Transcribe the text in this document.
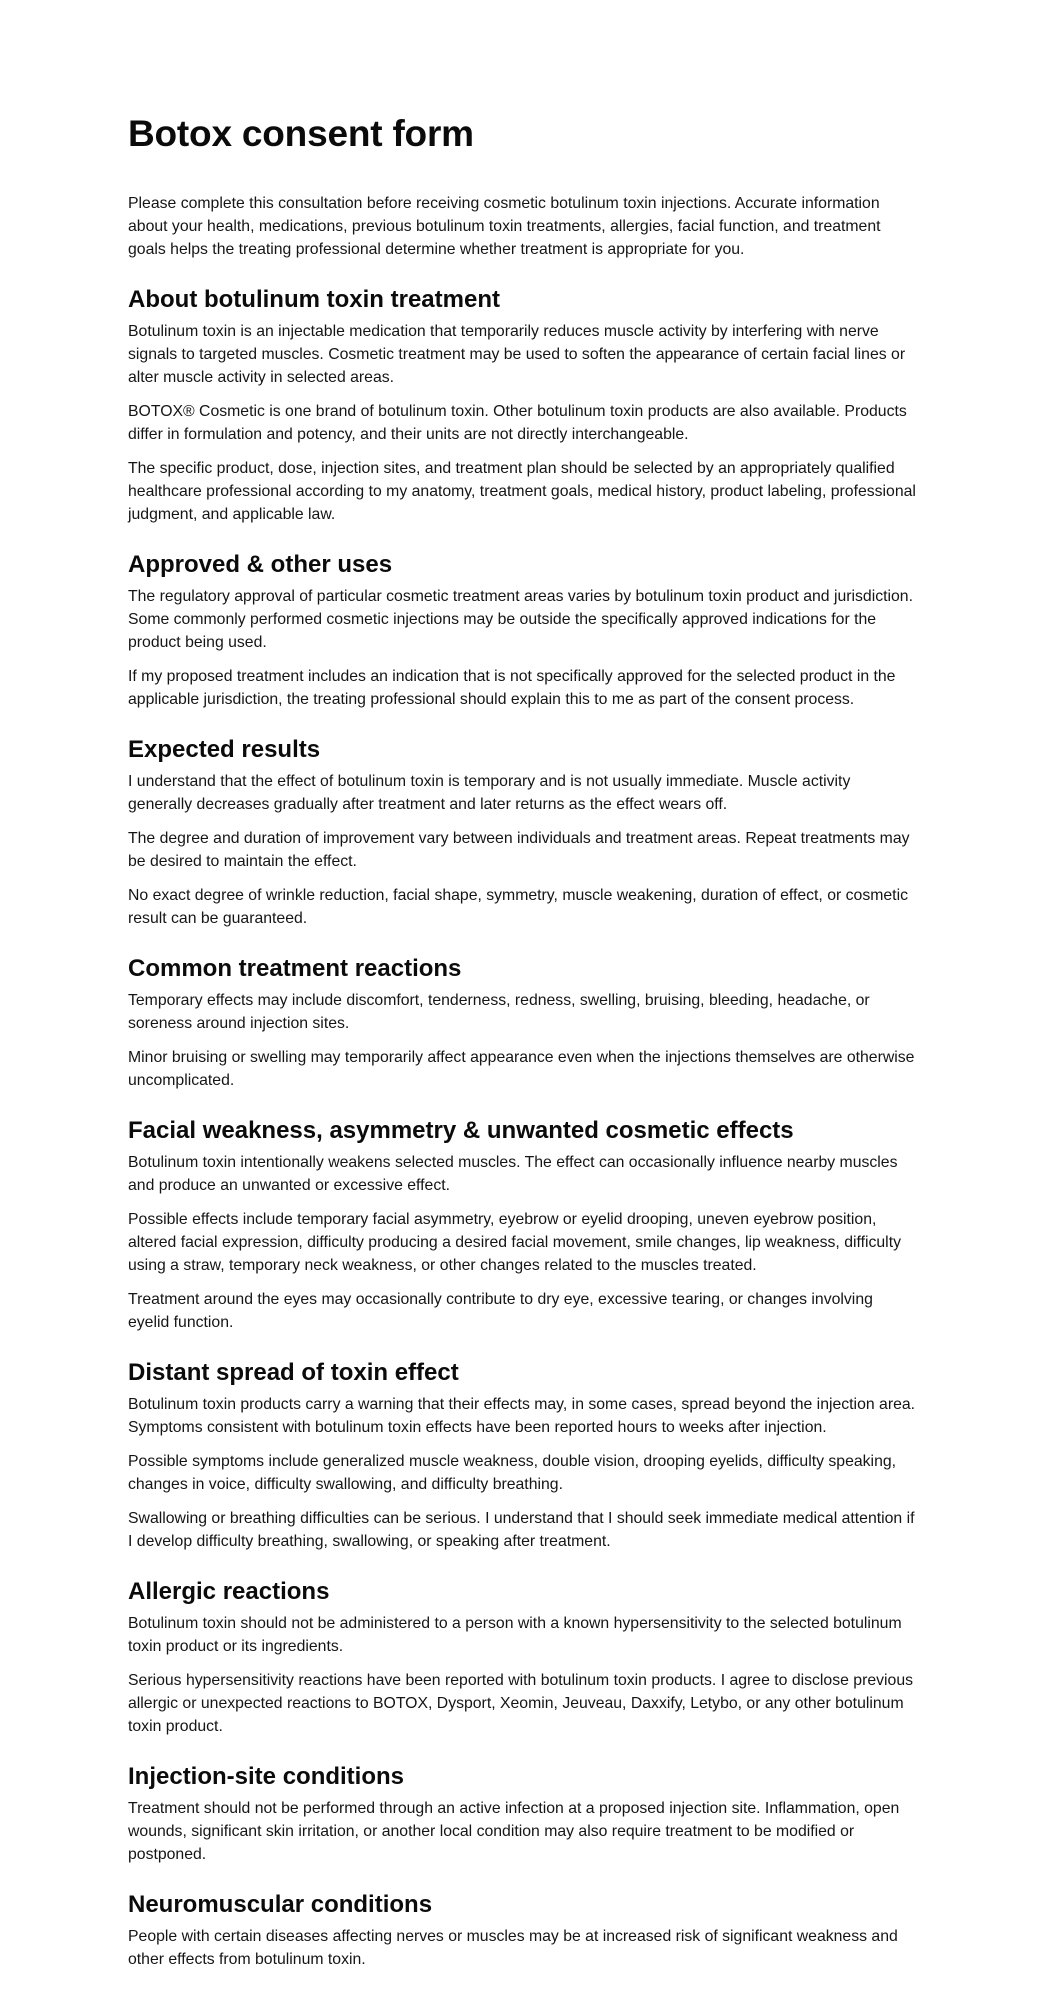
Botox consent form

Please complete this consultation before receiving cosmetic botulinum toxin injections. Accurate information about your health, medications, previous botulinum toxin treatments, allergies, facial function, and treatment goals helps the treating professional determine whether treatment is appropriate for you.

About botulinum toxin treatment

Botulinum toxin is an injectable medication that temporarily reduces muscle activity by interfering with nerve signals to targeted muscles. Cosmetic treatment may be used to soften the appearance of certain facial lines or alter muscle activity in selected areas.

BOTOX® Cosmetic is one brand of botulinum toxin. Other botulinum toxin products are also available. Products differ in formulation and potency, and their units are not directly interchangeable.

The specific product, dose, injection sites, and treatment plan should be selected by an appropriately qualified healthcare professional according to my anatomy, treatment goals, medical history, product labeling, professional judgment, and applicable law.

Approved & other uses

The regulatory approval of particular cosmetic treatment areas varies by botulinum toxin product and jurisdiction. Some commonly performed cosmetic injections may be outside the specifically approved indications for the product being used.

If my proposed treatment includes an indication that is not specifically approved for the selected product in the applicable jurisdiction, the treating professional should explain this to me as part of the consent process.

Expected results

I understand that the effect of botulinum toxin is temporary and is not usually immediate. Muscle activity generally decreases gradually after treatment and later returns as the effect wears off.

The degree and duration of improvement vary between individuals and treatment areas. Repeat treatments may be desired to maintain the effect.

No exact degree of wrinkle reduction, facial shape, symmetry, muscle weakening, duration of effect, or cosmetic result can be guaranteed.

Common treatment reactions

Temporary effects may include discomfort, tenderness, redness, swelling, bruising, bleeding, headache, or soreness around injection sites.

Minor bruising or swelling may temporarily affect appearance even when the injections themselves are otherwise uncomplicated.

Facial weakness, asymmetry & unwanted cosmetic effects

Botulinum toxin intentionally weakens selected muscles. The effect can occasionally influence nearby muscles and produce an unwanted or excessive effect.

Possible effects include temporary facial asymmetry, eyebrow or eyelid drooping, uneven eyebrow position, altered facial expression, difficulty producing a desired facial movement, smile changes, lip weakness, difficulty using a straw, temporary neck weakness, or other changes related to the muscles treated.

Treatment around the eyes may occasionally contribute to dry eye, excessive tearing, or changes involving eyelid function.

Distant spread of toxin effect

Botulinum toxin products carry a warning that their effects may, in some cases, spread beyond the injection area. Symptoms consistent with botulinum toxin effects have been reported hours to weeks after injection.

Possible symptoms include generalized muscle weakness, double vision, drooping eyelids, difficulty speaking, changes in voice, difficulty swallowing, and difficulty breathing.

Swallowing or breathing difficulties can be serious. I understand that I should seek immediate medical attention if I develop difficulty breathing, swallowing, or speaking after treatment.

Allergic reactions

Botulinum toxin should not be administered to a person with a known hypersensitivity to the selected botulinum toxin product or its ingredients.

Serious hypersensitivity reactions have been reported with botulinum toxin products. I agree to disclose previous allergic or unexpected reactions to BOTOX, Dysport, Xeomin, Jeuveau, Daxxify, Letybo, or any other botulinum toxin product.

Injection-site conditions

Treatment should not be performed through an active infection at a proposed injection site. Inflammation, open wounds, significant skin irritation, or another local condition may also require treatment to be modified or postponed.

Neuromuscular conditions

People with certain diseases affecting nerves or muscles may be at increased risk of significant weakness and other effects from botulinum toxin.
